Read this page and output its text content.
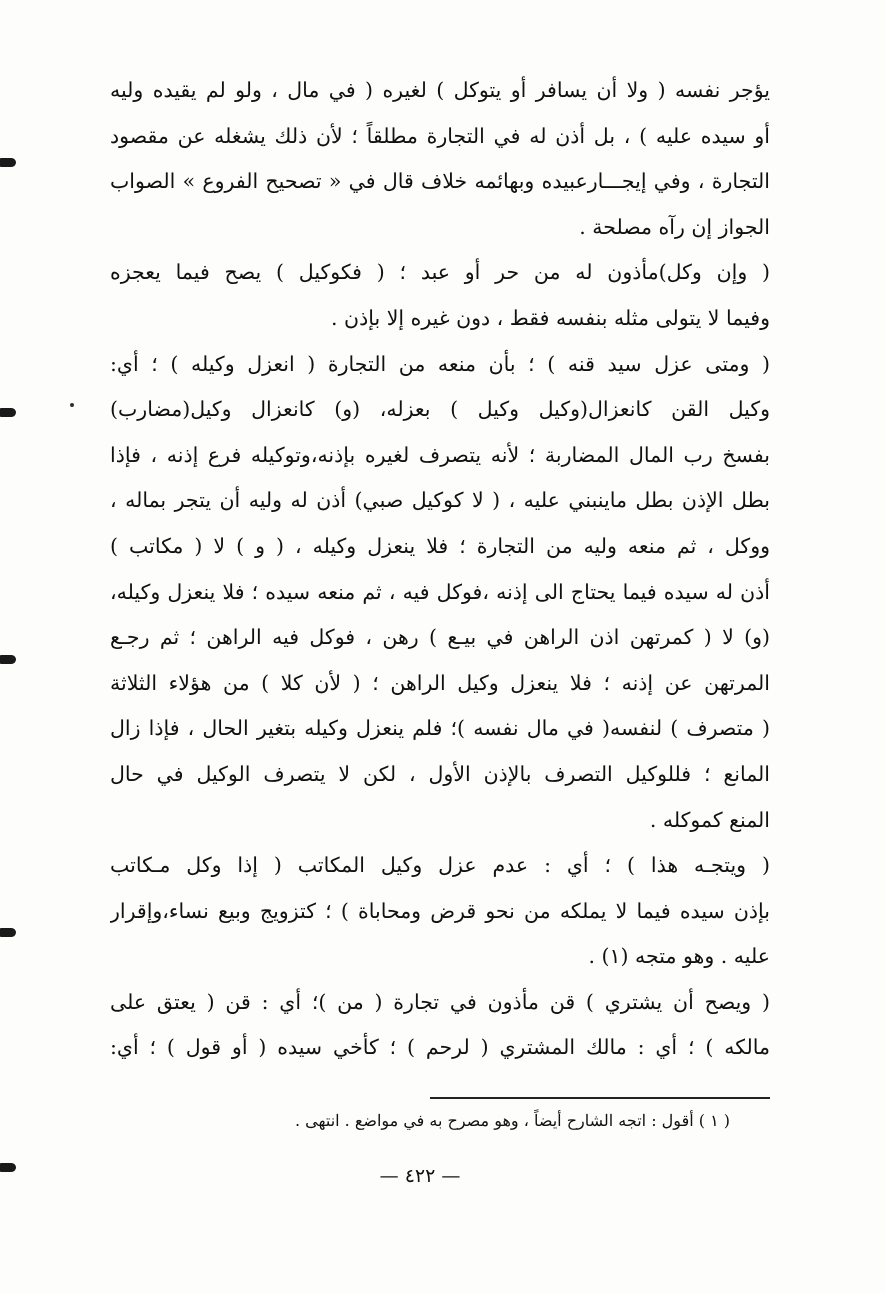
يؤجر نفسه ( ولا أن يسافر أو يتوكل ) لغيره ( في مال ، ولو لم يقيده وليه
أو سيده عليه ) ، بل أذن له في التجارة مطلقاً ؛ لأن ذلك يشغله عن مقصود
التجارة ، وفي إيجـــارعبيده وبهائمه خلاف قال في « تصحيح الفروع » الصواب
الجواز إن رآه مصلحة .
( وإن وكل)مأذون له من حر أو عبد ؛ ( فكوكيل ) يصح فيما يعجزه
وفيما لا يتولى مثله بنفسه فقط ، دون غيره إلا بإذن .
( ومتى عزل سيد قنه ) ؛ بأن منعه من التجارة ( انعزل وكيله ) ؛ أي:
وكيل القن كانعزال(وكيل وكيل ) بعزله، (و) كانعزال وكيل(مضارب)
بفسخ رب المال المضاربة ؛ لأنه يتصرف لغيره بإذنه،وتوكيله فرع إذنه ، فإذا
بطل الإذن بطل ماينبني عليه ، ( لا كوكيل صبي) أذن له وليه أن يتجر بماله ،
ووكل ، ثم منعه وليه من التجارة ؛ فلا ينعزل وكيله ، ( و ) لا ( مكاتب )
أذن له سيده فيما يحتاج الى إذنه ،فوكل فيه ، ثم منعه سيده ؛ فلا ينعزل وكيله،
(و) لا ( كمرتهن اذن الراهن في بيـع ) رهن ، فوكل فيه الراهن ؛ ثم رجـع
المرتهن عن إذنه ؛ فلا ينعزل وكيل الراهن ؛ ( لأن كلا ) من هؤلاء الثلاثة
( متصرف ) لنفسه( في مال نفسه )؛ فلم ينعزل وكيله بتغير الحال ، فإذا زال
المانع ؛ فللوكيل التصرف بالإذن الأول ، لكن لا يتصرف الوكيل في حال
المنع كموكله .
( ويتجـه هذا ) ؛ أي : عدم عزل وكيل المكاتب ( إذا وكل مـكاتب
بإذن سيده فيما لا يملكه من نحو قرض ومحاباة ) ؛ كتزويج وبيع نساء،وإقرار
عليه . وهو متجه (١) .
( ويصح أن يشتري ) قن مأذون في تجارة ( من )؛ أي : قن ( يعتق على
مالكه ) ؛ أي : مالك المشتري ( لرحم ) ؛ كأخي سيده ( أو قول ) ؛ أي:
( ١ ) أقول : اتجه الشارح أيضاً ، وهو مصرح به في مواضع . انتهى .
— ٤٢٢ —
